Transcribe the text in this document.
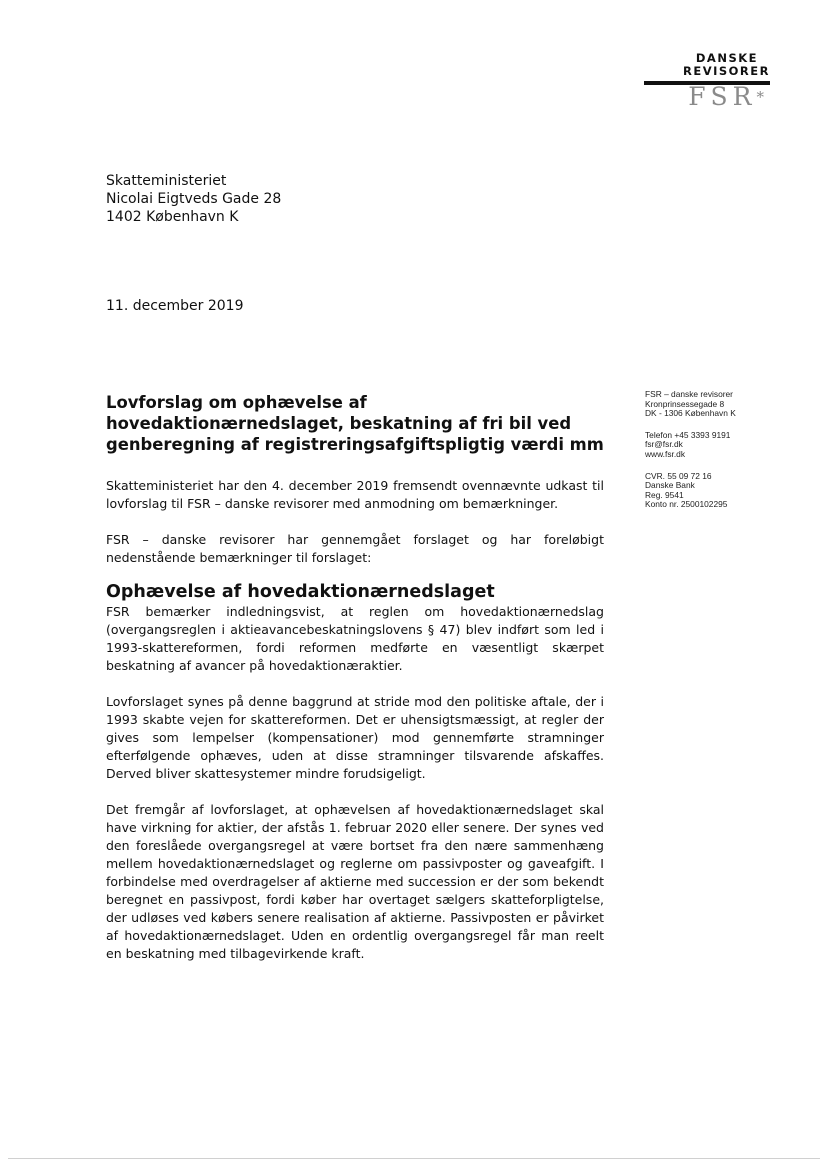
DANSKE
REVISORER
FSR*
Skatteministeriet
Nicolai Eigtveds Gade 28
1402 København K
11. december 2019
FSR – danske revisorer
Kronprinsessegade 8
DK - 1306 København K
Telefon +45 3393 9191
fsr@fsr.dk
www.fsr.dk
CVR. 55 09 72 16
Danske Bank
Reg. 9541
Konto nr. 2500102295
Lovforslag om ophævelse af hovedaktionærnedslaget, beskatning af fri bil ved genberegning af registreringsafgiftspligtig værdi mm

Skatteministeriet har den 4. december 2019 fremsendt ovennævnte udkast til lovforslag til FSR – danske revisorer med anmodning om bemærkninger.

FSR – danske revisorer har gennemgået forslaget og har foreløbigt nedenstående bemærkninger til forslaget:

Ophævelse af hovedaktionærnedslaget

FSR bemærker indledningsvist, at reglen om hovedaktionærnedslag (overgangsreglen i aktieavancebeskatningslovens § 47) blev indført som led i 1993-skattereformen, fordi reformen medførte en væsentligt skærpet beskatning af avancer på hovedaktionæraktier.

Lovforslaget synes på denne baggrund at stride mod den politiske aftale, der i 1993 skabte vejen for skattereformen. Det er uhensigtsmæssigt, at regler der gives som lempelser (kompensationer) mod gennemførte stramninger efterfølgende ophæves, uden at disse stramninger tilsvarende afskaffes. Derved bliver skattesystemer mindre forudsigeligt.

Det fremgår af lovforslaget, at ophævelsen af hovedaktionærnedslaget skal have virkning for aktier, der afstås 1. februar 2020 eller senere. Der synes ved den foreslåede overgangsregel at være bortset fra den nære sammenhæng mellem hovedaktionærnedslaget og reglerne om passivposter og gaveafgift. I forbindelse med overdragelser af aktierne med succession er der som bekendt beregnet en passivpost, fordi køber har overtaget sælgers skatteforpligtelse, der udløses ved købers senere realisation af aktierne. Passivposten er påvirket af hovedaktionærnedslaget. Uden en ordentlig overgangsregel får man reelt en beskatning med tilbagevirkende kraft.
